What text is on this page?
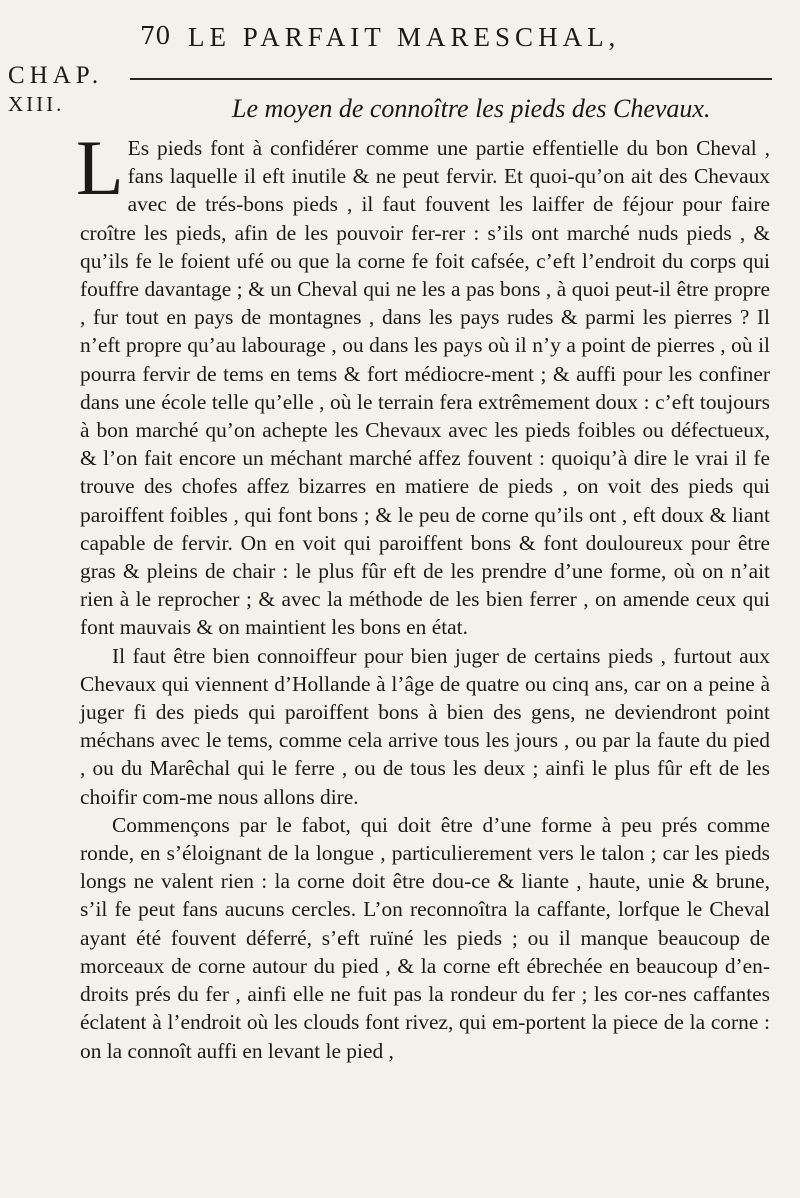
70 LE PARFAIT MARESCHAL,
CHAP.
XIII.	Le moyen de connoître les pieds des Chevaux.

L Es pieds font à confidérer comme une partie effentielle du bon Cheval , fans laquelle il eft inutile & ne peut fervir. Et quoi-qu’on ait des Chevaux avec de trés-bons pieds , il faut fouvent les laiffer de féjour pour faire croître les pieds, afin de les pouvoir fer-rer : s’ils ont marché nuds pieds , & qu’ils fe le foient ufé ou que la corne fe foit cafsée, c’eft l’endroit du corps qui fouffre davantage ; & un Cheval qui ne les a pas bons , à quoi peut-il être propre , fur tout en pays de montagnes , dans les pays rudes & parmi les pierres ? Il n’eft propre qu’au labourage , ou dans les pays où il n’y a point de pierres , où il pourra fervir de tems en tems & fort médiocre-ment ; & auffi pour les confiner dans une école telle qu’elle , où le terrain fera extrêmement doux : c’eft toujours à bon marché qu’on achepte les Chevaux avec les pieds foibles ou défectueux, & l’on fait encore un méchant marché affez fouvent : quoiqu’à dire le vrai il fe trouve des chofes affez bizarres en matiere de pieds , on voit des pieds qui paroiffent foibles , qui font bons ; & le peu de corne qu’ils ont , eft doux & liant capable de fervir. On en voit qui paroiffent bons & font douloureux pour être gras & pleins de chair : le plus fûr eft de les prendre d’une forme, où on n’ait rien à le reprocher ; & avec la méthode de les bien ferrer , on amende ceux qui font mauvais & on maintient les bons en état.

Il faut être bien connoiffeur pour bien juger de certains pieds , furtout aux Chevaux qui viennent d’Hollande à l’âge de quatre ou cinq ans, car on a peine à juger fi des pieds qui paroiffent bons à bien des gens, ne deviendront point méchans avec le tems, comme cela arrive tous les jours , ou par la faute du pied , ou du Marêchal qui le ferre , ou de tous les deux ; ainfi le plus fûr eft de les choifir com-me nous allons dire.

Commençons par le fabot, qui doit être d’une forme à peu prés comme ronde, en s’éloignant de la longue , particulierement vers le talon ; car les pieds longs ne valent rien : la corne doit être dou-ce & liante , haute, unie & brune, s’il fe peut fans aucuns cercles. L’on reconnoîtra la caffante, lorfque le Cheval ayant été fouvent déferré, s’eft ruïné les pieds ; ou il manque beaucoup de morceaux de corne autour du pied , & la corne eft ébrechée en beaucoup d’en-droits prés du fer , ainfi elle ne fuit pas la rondeur du fer ; les cor-nes caffantes éclatent à l’endroit où les clouds font rivez, qui em-portent la piece de la corne : on la connoît auffi en levant le pied ,
